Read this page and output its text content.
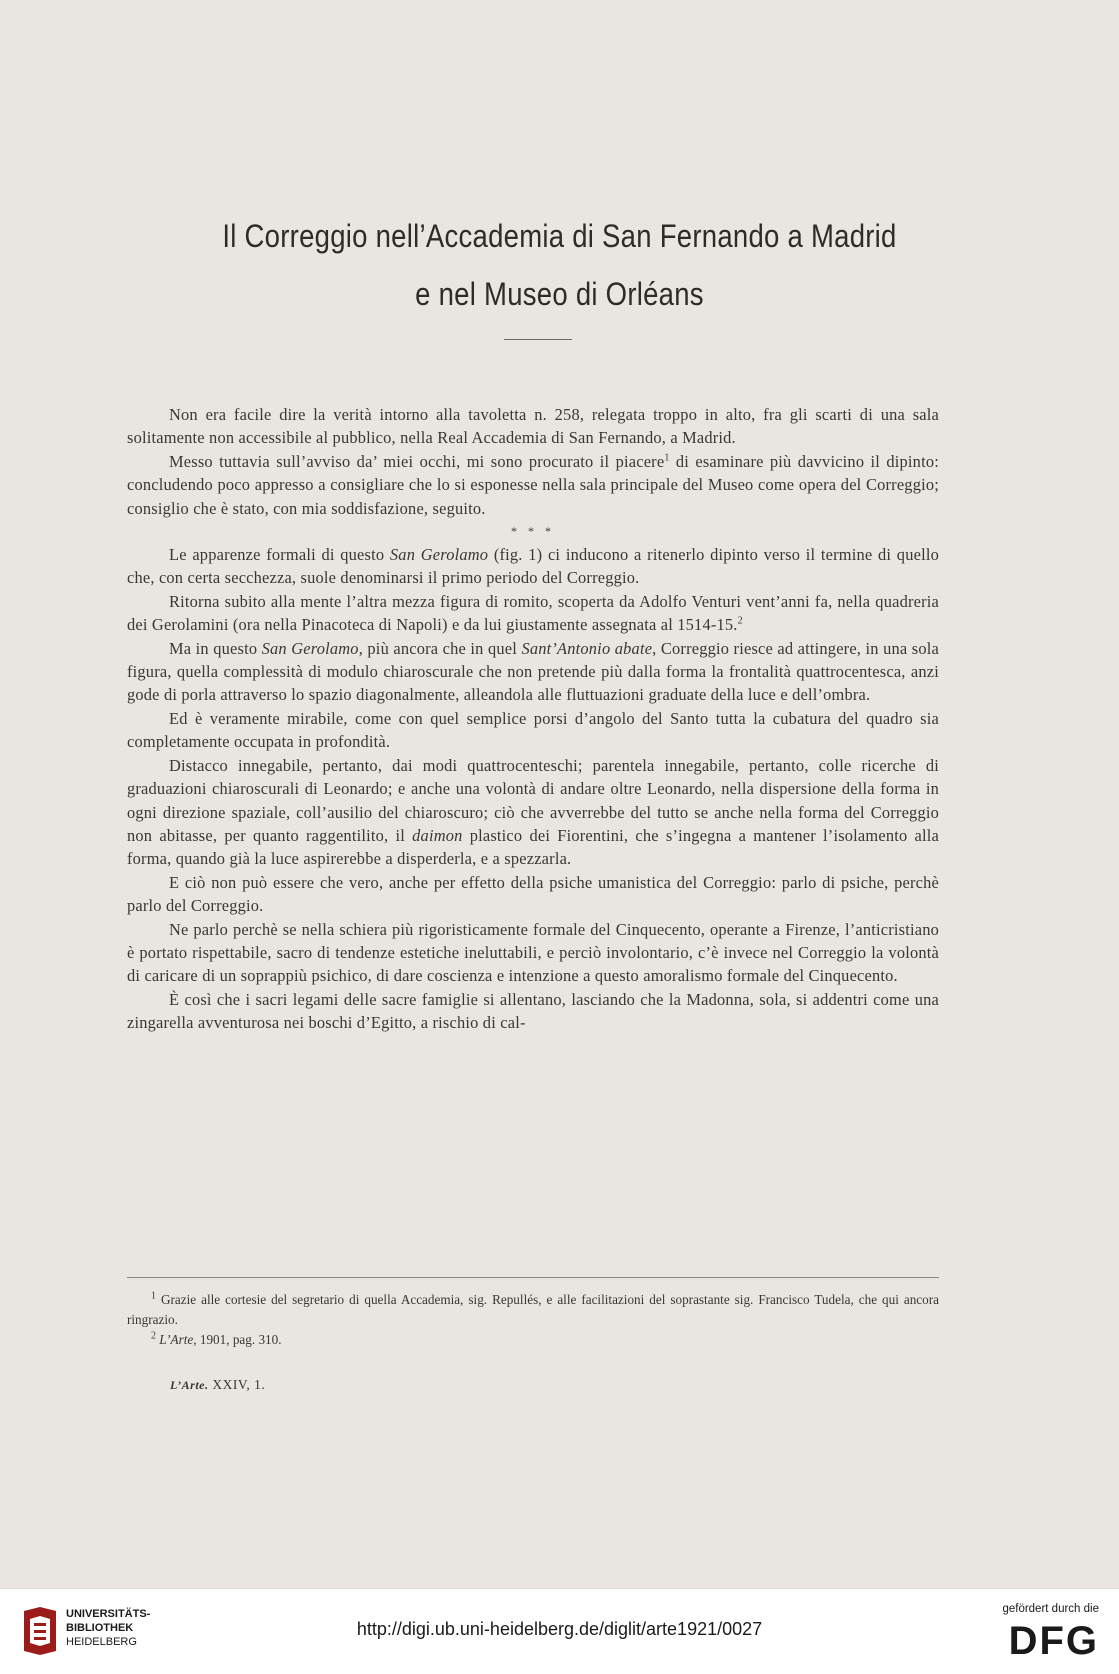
Il Correggio nell’Accademia di San Fernando a Madrid
e nel Museo di Orléans

Non era facile dire la verità intorno alla tavoletta n. 258, relegata troppo in alto, fra gli scarti di una sala solitamente non accessibile al pubblico, nella Real Accademia di San Fernando, a Madrid.

Messo tuttavia sull’avviso da’ miei occhi, mi sono procurato il piacere$^1$ di esaminare più davvicino il dipinto: concludendo poco appresso a consigliare che lo si esponesse nella sala principale del Museo come opera del Correggio; consiglio che è stato, con mia soddisfazione, seguito.

* * *

Le apparenze formali di questo San Gerolamo (fig. 1) ci inducono a ritenerlo dipinto verso il termine di quello che, con certa secchezza, suole denominarsi il primo periodo del Correggio.

Ritorna subito alla mente l’altra mezza figura di romito, scoperta da Adolfo Venturi vent’anni fa, nella quadreria dei Gerolamini (ora nella Pinacoteca di Napoli) e da lui giustamente assegnata al 1514-15.$^2$

Ma in questo San Gerolamo, più ancora che in quel Sant’Antonio abate, Correggio riesce ad attingere, in una sola figura, quella complessità di modulo chiaroscurale che non pretende più dalla forma la frontalità quattrocentesca, anzi gode di porla attraverso lo spazio diagonalmente, alleandola alle fluttuazioni graduate della luce e dell’ombra.

Ed è veramente mirabile, come con quel semplice porsi d’angolo del Santo tutta la cubatura del quadro sia completamente occupata in profondità.

Distacco innegabile, pertanto, dai modi quattrocenteschi; parentela innegabile, pertanto, colle ricerche di graduazioni chiaroscurali di Leonardo; e anche una volontà di andare oltre Leonardo, nella dispersione della forma in ogni direzione spaziale, coll’ausilio del chiaroscuro; ciò che avverrebbe del tutto se anche nella forma del Correggio non abitasse, per quanto raggentilito, il daimon plastico dei Fiorentini, che s’ingegna a mantener l’isolamento alla forma, quando già la luce aspirerebbe a disperderla, e a spezzarla.

E ciò non può essere che vero, anche per effetto della psiche umanistica del Correggio: parlo di psiche, perchè parlo del Correggio.

Ne parlo perchè se nella schiera più rigoristicamente formale del Cinquecento, operante a Firenze, l’anticristiano è portato rispettabile, sacro di tendenze estetiche ineluttabili, e perciò involontario, c’è invece nel Correggio la volontà di caricare di un soprappiù psichico, di dare coscienza e intenzione a questo amoralismo formale del Cinquecento.

È così che i sacri legami delle sacre famiglie si allentano, lasciando che la Madonna, sola, si addentri come una zingarella avventurosa nei boschi d’Egitto, a rischio di cal-

$^1$ Grazie alle cortesie del segretario di quella Accademia, sig. Repullés, e alle facilitazioni del soprastante sig. Francisco Tudela, che qui ancora ringrazio.

$^2$ L’Arte, 1901, pag. 310.

L’Arte. XXIV, 1.
UNIVERSITÄTS-
BIBLIOTHEK
HEIDELBERG
http://digi.ub.uni-heidelberg.de/diglit/arte1921/0027
gefördert durch die
DFG
